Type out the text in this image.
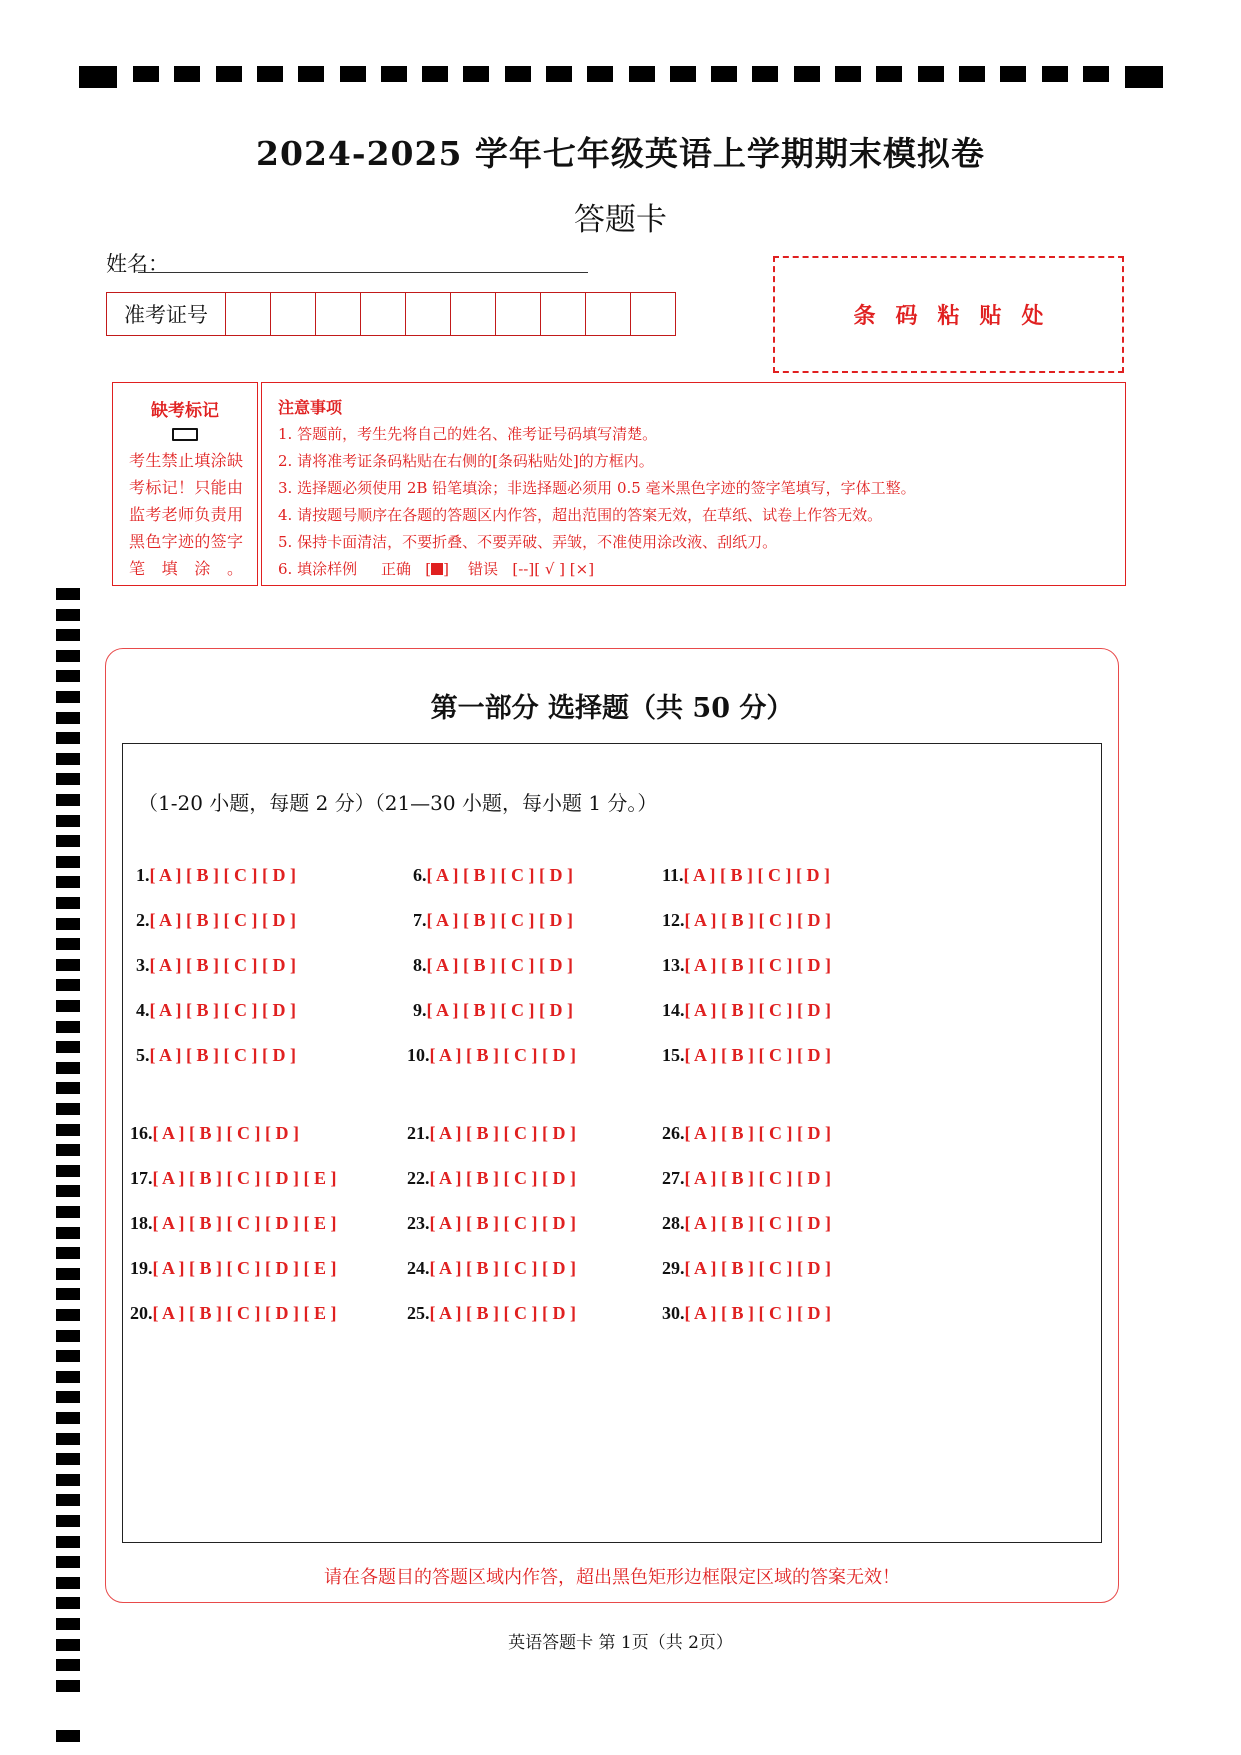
2024-2025 学年七年级英语上学期期末模拟卷
答题卡
姓名：
准考证号	条码粘贴处
缺考标记
考生禁止填涂缺考标记！只能由监考老师负责用黑色字迹的签字笔填涂。
注意事项
1. 答题前，考生先将自己的姓名、准考证号码填写清楚。
2. 请将准考证条码粘贴在右侧的[条码粘贴处]的方框内。
3. 选择题必须使用 2B 铅笔填涂；非选择题必须用 0.5 毫米黑色字迹的签字笔填写，字体工整。
4. 请按题号顺序在各题的答题区内作答，超出范围的答案无效，在草纸、试卷上作答无效。
5. 保持卡面清洁，不要折叠、不要弄破、弄皱，不准使用涂改液、刮纸刀。
6. 填涂样例 正确   [ ]    错误 [--][ √ ] [×]
第一部分 选择题（共 50 分）
（1-20 小题，每题 2 分）（21—30 小题，每小题 1 分。）
1.[ A ] [ B ] [ C ] [ D ]
2.[ A ] [ B ] [ C ] [ D ]
3.[ A ] [ B ] [ C ] [ D ]
4.[ A ] [ B ] [ C ] [ D ]
5.[ A ] [ B ] [ C ] [ D ]
6.[ A ] [ B ] [ C ] [ D ]
7.[ A ] [ B ] [ C ] [ D ]
8.[ A ] [ B ] [ C ] [ D ]
9.[ A ] [ B ] [ C ] [ D ]
10.[ A ] [ B ] [ C ] [ D ]
11.[ A ] [ B ] [ C ] [ D ]
12.[ A ] [ B ] [ C ] [ D ]
13.[ A ] [ B ] [ C ] [ D ]
14.[ A ] [ B ] [ C ] [ D ]
15.[ A ] [ B ] [ C ] [ D ]
16.[ A ] [ B ] [ C ] [ D ]
17.[ A ] [ B ] [ C ] [ D ] [ E ]
18.[ A ] [ B ] [ C ] [ D ] [ E ]
19.[ A ] [ B ] [ C ] [ D ] [ E ]
20.[ A ] [ B ] [ C ] [ D ] [ E ]
21.[ A ] [ B ] [ C ] [ D ]
22.[ A ] [ B ] [ C ] [ D ]
23.[ A ] [ B ] [ C ] [ D ]
24.[ A ] [ B ] [ C ] [ D ]
25.[ A ] [ B ] [ C ] [ D ]
26.[ A ] [ B ] [ C ] [ D ]
27.[ A ] [ B ] [ C ] [ D ]
28.[ A ] [ B ] [ C ] [ D ]
29.[ A ] [ B ] [ C ] [ D ]
30.[ A ] [ B ] [ C ] [ D ]
请在各题目的答题区域内作答，超出黑色矩形边框限定区域的答案无效！
英语答题卡 第 1页（共 2页）
